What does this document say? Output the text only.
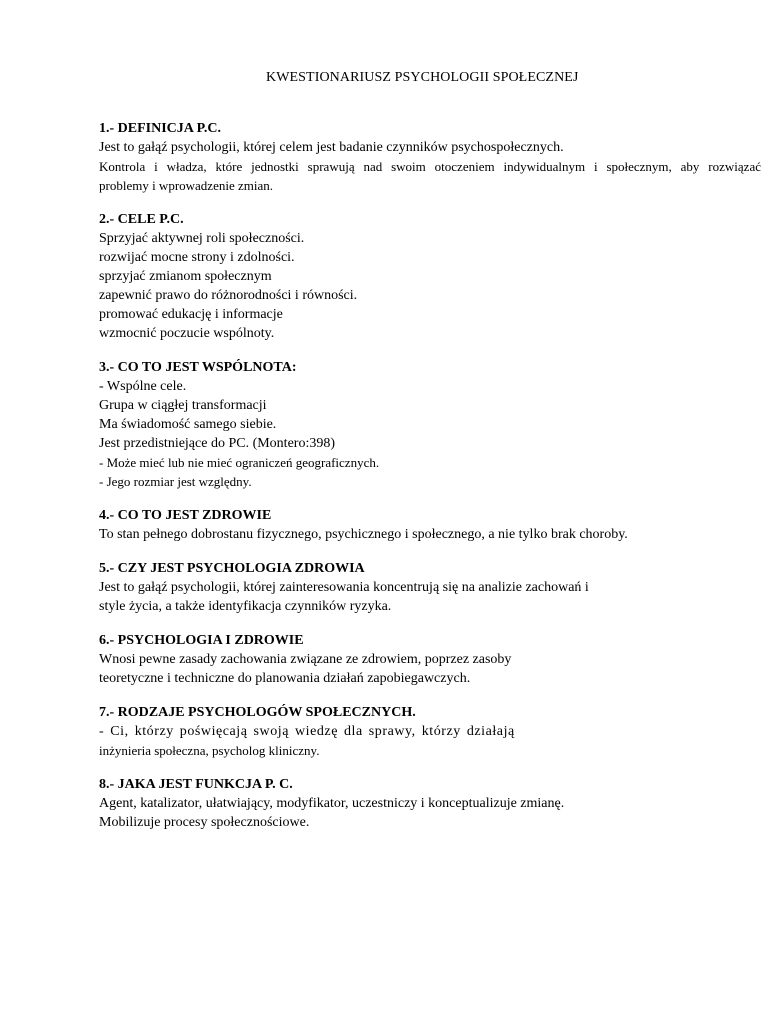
KWESTIONARIUSZ PSYCHOLOGII SPOŁECZNEJ
1.- DEFINICJA P.C.
Jest to gałąź psychologii, której celem jest badanie czynników psychospołecznych.
Kontrola i władza, które jednostki sprawują nad swoim otoczeniem indywidualnym i społecznym, aby rozwiązać
problemy i wprowadzenie zmian.
2.- CELE P.C.
Sprzyjać aktywnej roli społeczności.
rozwijać mocne strony i zdolności.
sprzyjać zmianom społecznym
zapewnić prawo do różnorodności i równości.
promować edukację i informacje
wzmocnić poczucie wspólnoty.
3.- CO TO JEST WSPÓLNOTA:
- Wspólne cele.
Grupa w ciągłej transformacji
Ma świadomość samego siebie.
Jest przedistniejące do PC. (Montero:398)
- Może mieć lub nie mieć ograniczeń geograficznych.
- Jego rozmiar jest względny.
4.- CO TO JEST ZDROWIE
To stan pełnego dobrostanu fizycznego, psychicznego i społecznego, a nie tylko brak choroby.
5.- CZY JEST PSYCHOLOGIA ZDROWIA
Jest to gałąź psychologii, której zainteresowania koncentrują się na analizie zachowań i
style życia, a także identyfikacja czynników ryzyka.
6.- PSYCHOLOGIA I ZDROWIE
Wnosi pewne zasady zachowania związane ze zdrowiem, poprzez zasoby
teoretyczne i techniczne do planowania działań zapobiegawczych.
7.- RODZAJE PSYCHOLOGÓW SPOŁECZNYCH.
- Ci, którzy poświęcają swoją wiedzę dla sprawy, którzy działają
inżynieria społeczna, psycholog kliniczny.
8.- JAKA JEST FUNKCJA P. C.
Agent, katalizator, ułatwiający, modyfikator, uczestniczy i konceptualizuje zmianę.
Mobilizuje procesy społecznościowe.
